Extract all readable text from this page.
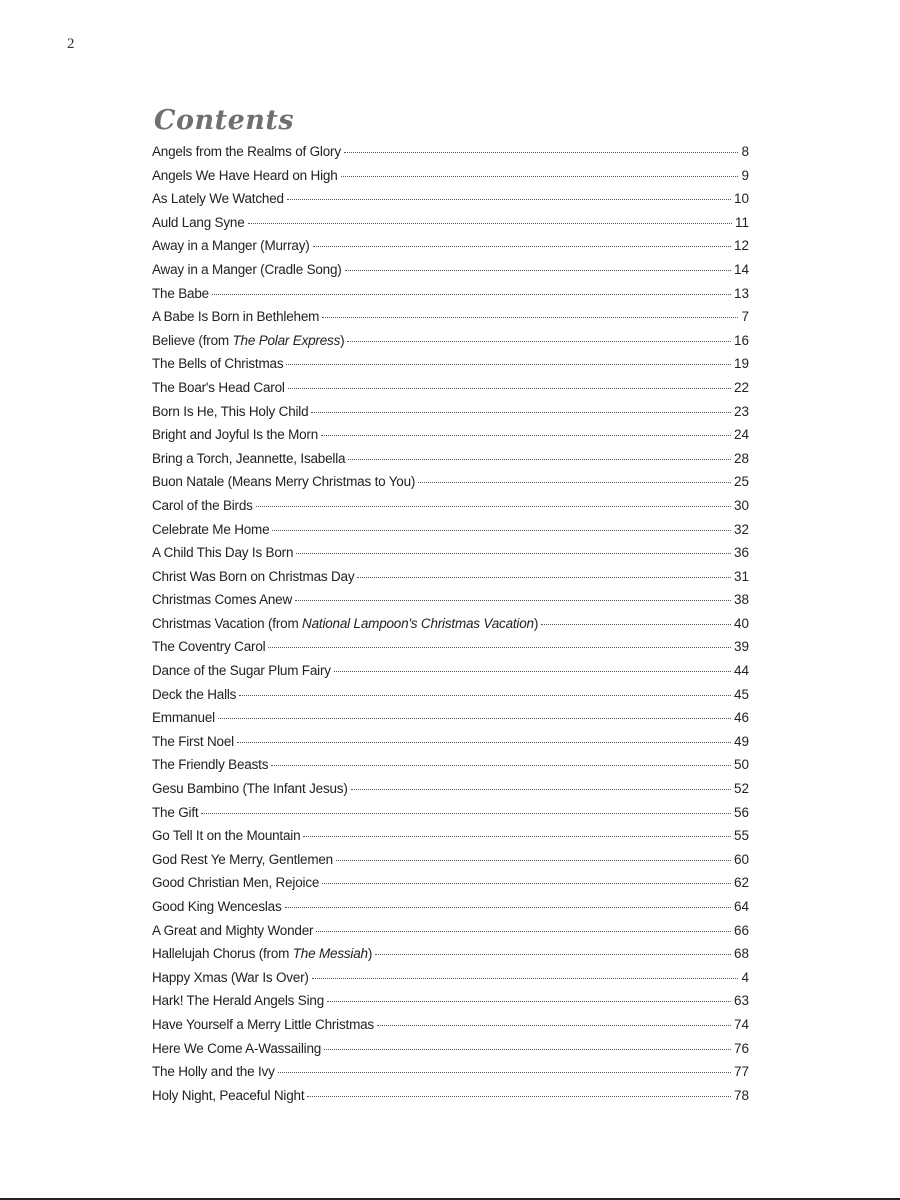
2
Contents
Angels from the Realms of Glory	8
Angels We Have Heard on High	9
As Lately We Watched	10
Auld Lang Syne	11
Away in a Manger (Murray)	12
Away in a Manger (Cradle Song)	14
The Babe	13
A Babe Is Born in Bethlehem	7
Believe (from The Polar Express)	16
The Bells of Christmas	19
The Boar's Head Carol	22
Born Is He, This Holy Child	23
Bright and Joyful Is the Morn	24
Bring a Torch, Jeannette, Isabella	28
Buon Natale (Means Merry Christmas to You)	25
Carol of the Birds	30
Celebrate Me Home	32
A Child This Day Is Born	36
Christ Was Born on Christmas Day	31
Christmas Comes Anew	38
Christmas Vacation (from National Lampoon's Christmas Vacation)	40
The Coventry Carol	39
Dance of the Sugar Plum Fairy	44
Deck the Halls	45
Emmanuel	46
The First Noel	49
The Friendly Beasts	50
Gesu Bambino (The Infant Jesus)	52
The Gift	56
Go Tell It on the Mountain	55
God Rest Ye Merry, Gentlemen	60
Good Christian Men, Rejoice	62
Good King Wenceslas	64
A Great and Mighty Wonder	66
Hallelujah Chorus (from The Messiah)	68
Happy Xmas (War Is Over)	4
Hark! The Herald Angels Sing	63
Have Yourself a Merry Little Christmas	74
Here We Come A-Wassailing	76
The Holly and the Ivy	77
Holy Night, Peaceful Night	78
